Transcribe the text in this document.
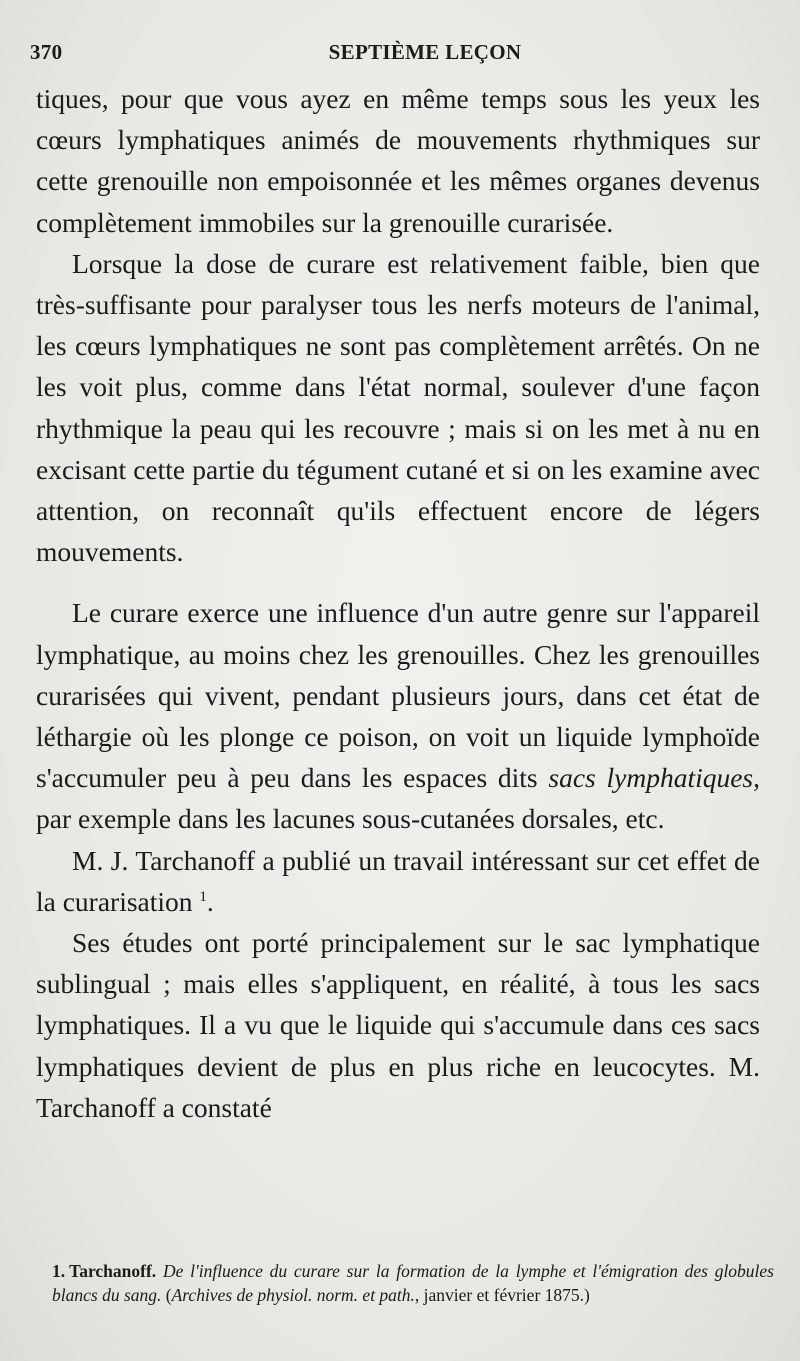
370	SEPTIÈME LEÇON

tiques, pour que vous ayez en même temps sous les yeux les cœurs lymphatiques animés de mouvements rhythmiques sur cette grenouille non empoisonnée et les mêmes organes devenus complètement immobiles sur la grenouille curarisée.

Lorsque la dose de curare est relativement faible, bien que très-suffisante pour paralyser tous les nerfs moteurs de l'animal, les cœurs lymphatiques ne sont pas complètement arrêtés. On ne les voit plus, comme dans l'état normal, soulever d'une façon rhythmique la peau qui les recouvre ; mais si on les met à nu en excisant cette partie du tégument cutané et si on les examine avec attention, on reconnaît qu'ils effectuent encore de légers mouvements.

Le curare exerce une influence d'un autre genre sur l'appareil lymphatique, au moins chez les grenouilles. Chez les grenouilles curarisées qui vivent, pendant plusieurs jours, dans cet état de léthargie où les plonge ce poison, on voit un liquide lymphoïde s'accumuler peu à peu dans les espaces dits sacs lymphatiques, par exemple dans les lacunes sous-cutanées dorsales, etc.

M. J. Tarchanoff a publié un travail intéressant sur cet effet de la curarisation $^1$.

Ses études ont porté principalement sur le sac lymphatique sublingual ; mais elles s'appliquent, en réalité, à tous les sacs lymphatiques. Il a vu que le liquide qui s'accumule dans ces sacs lymphatiques devient de plus en plus riche en leucocytes. M. Tarchanoff a constaté

1. Tarchanoff. De l'influence du curare sur la formation de la lymphe et l'émigration des globules blancs du sang. (Archives de physiol. norm. et path., janvier et février 1875.)
